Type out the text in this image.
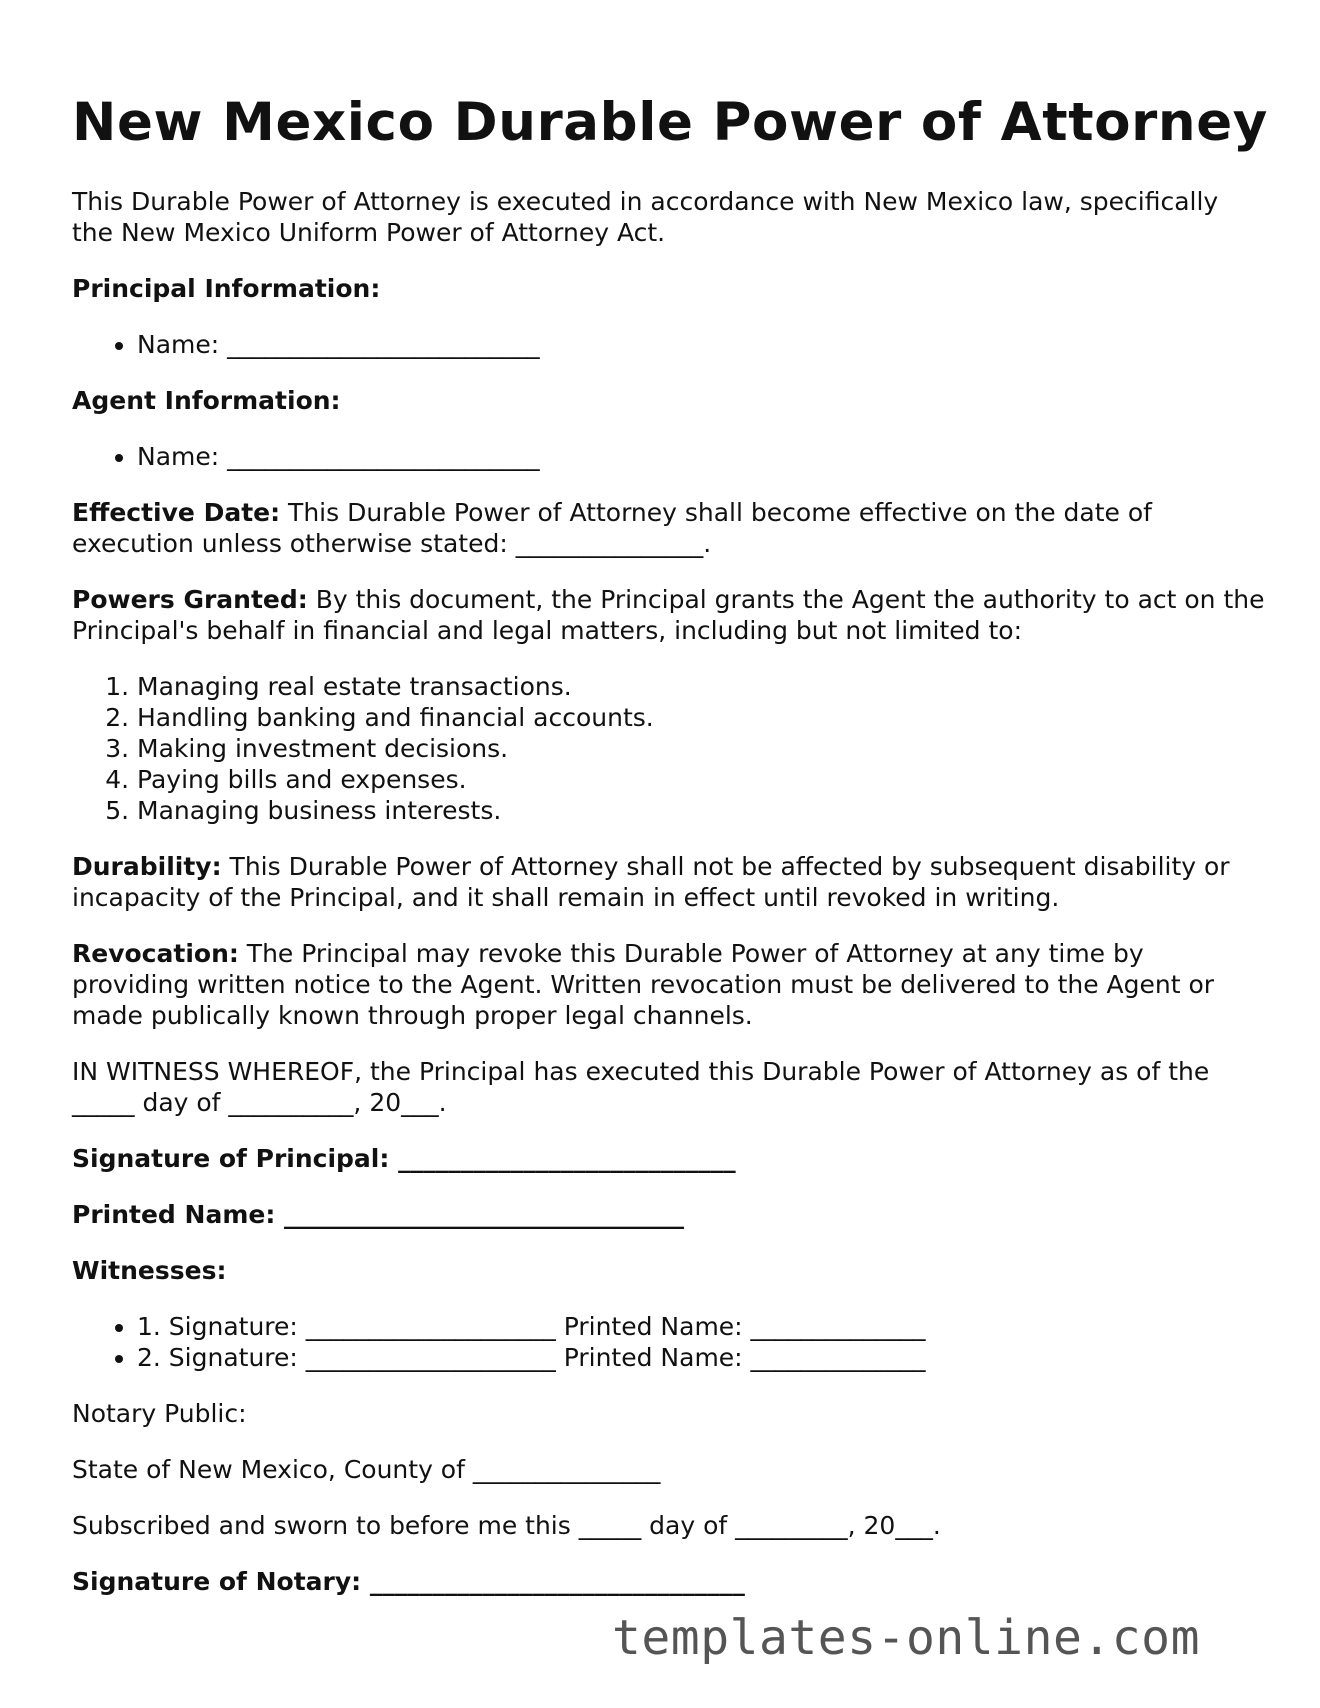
New Mexico Durable Power of Attorney

This Durable Power of Attorney is executed in accordance with New Mexico law, specifically the New Mexico Uniform Power of Attorney Act.

Principal Information:

• Name: _________________________

Agent Information:

• Name: _________________________

Effective Date: This Durable Power of Attorney shall become effective on the date of execution unless otherwise stated: _______________.

Powers Granted: By this document, the Principal grants the Agent the authority to act on the Principal's behalf in financial and legal matters, including but not limited to:

1. Managing real estate transactions.
2. Handling banking and financial accounts.
3. Making investment decisions.
4. Paying bills and expenses.
5. Managing business interests.

Durability: This Durable Power of Attorney shall not be affected by subsequent disability or incapacity of the Principal, and it shall remain in effect until revoked in writing.

Revocation: The Principal may revoke this Durable Power of Attorney at any time by providing written notice to the Agent. Written revocation must be delivered to the Agent or made publically known through proper legal channels.

IN WITNESS WHEREOF, the Principal has executed this Durable Power of Attorney as of the _____ day of __________, 20___.

Signature of Principal: ___________________________

Printed Name: ________________________________

Witnesses:

• 1. Signature: ____________________ Printed Name: ______________
• 2. Signature: ____________________ Printed Name: ______________

Notary Public:

State of New Mexico, County of _______________

Subscribed and sworn to before me this _____ day of _________, 20___.

Signature of Notary: ______________________________

templates-online.com
